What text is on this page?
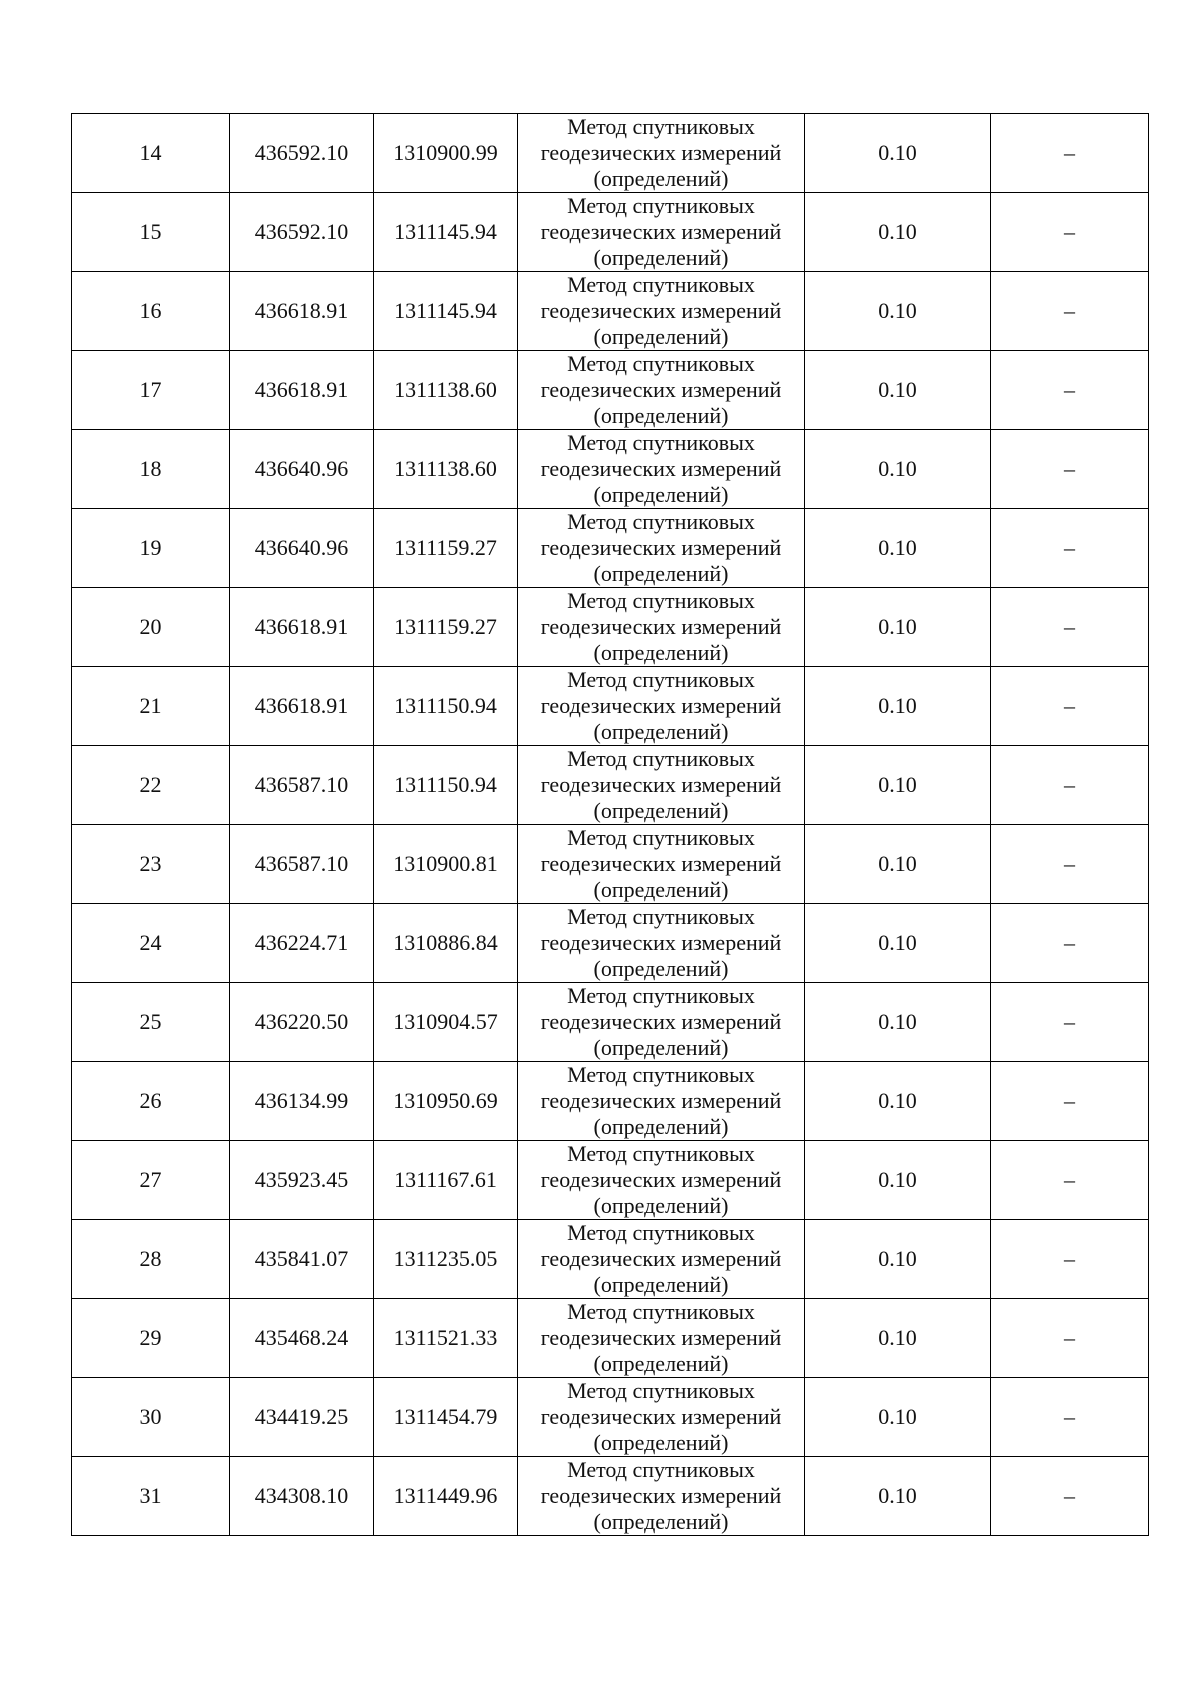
14	436592.10	1310900.99	Метод спутниковых
геодезических измерений
(определений)	0.10	–
15	436592.10	1311145.94	Метод спутниковых
геодезических измерений
(определений)	0.10	–
16	436618.91	1311145.94	Метод спутниковых
геодезических измерений
(определений)	0.10	–
17	436618.91	1311138.60	Метод спутниковых
геодезических измерений
(определений)	0.10	–
18	436640.96	1311138.60	Метод спутниковых
геодезических измерений
(определений)	0.10	–
19	436640.96	1311159.27	Метод спутниковых
геодезических измерений
(определений)	0.10	–
20	436618.91	1311159.27	Метод спутниковых
геодезических измерений
(определений)	0.10	–
21	436618.91	1311150.94	Метод спутниковых
геодезических измерений
(определений)	0.10	–
22	436587.10	1311150.94	Метод спутниковых
геодезических измерений
(определений)	0.10	–
23	436587.10	1310900.81	Метод спутниковых
геодезических измерений
(определений)	0.10	–
24	436224.71	1310886.84	Метод спутниковых
геодезических измерений
(определений)	0.10	–
25	436220.50	1310904.57	Метод спутниковых
геодезических измерений
(определений)	0.10	–
26	436134.99	1310950.69	Метод спутниковых
геодезических измерений
(определений)	0.10	–
27	435923.45	1311167.61	Метод спутниковых
геодезических измерений
(определений)	0.10	–
28	435841.07	1311235.05	Метод спутниковых
геодезических измерений
(определений)	0.10	–
29	435468.24	1311521.33	Метод спутниковых
геодезических измерений
(определений)	0.10	–
30	434419.25	1311454.79	Метод спутниковых
геодезических измерений
(определений)	0.10	–
31	434308.10	1311449.96	Метод спутниковых
геодезических измерений
(определений)	0.10	–
